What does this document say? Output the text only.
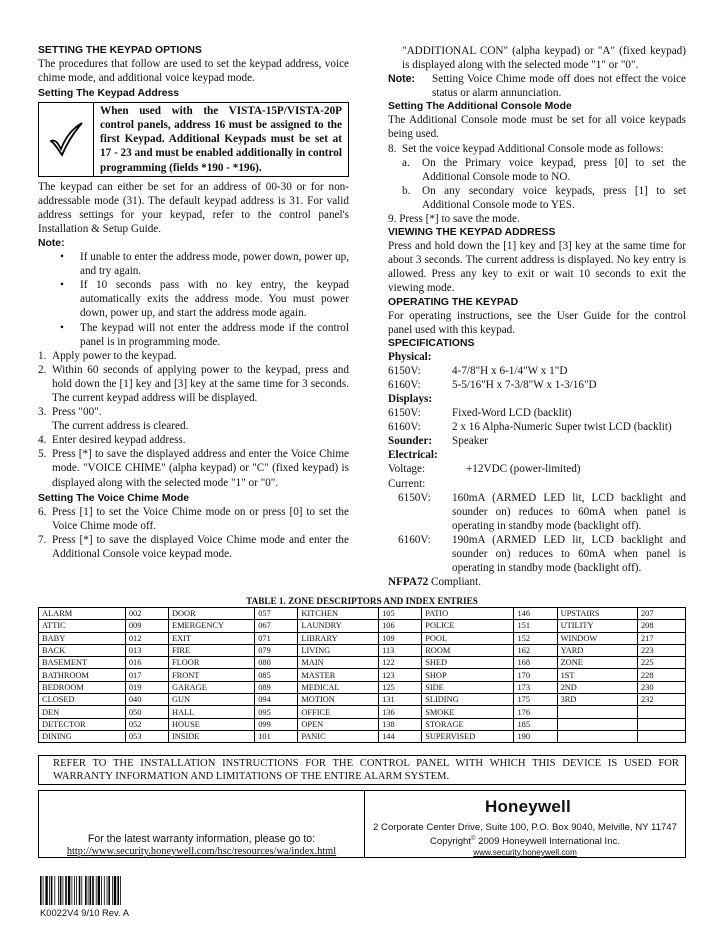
SETTING THE KEYPAD OPTIONS

The procedures that follow are used to set the keypad address, voice chime mode, and additional voice keypad mode.

Setting The Keypad Address
When used with the VISTA-15P/VISTA-20P control panels, address 16 must be assigned to the first Keypad. Additional Keypads must be set at 17 - 23 and must be enabled additionally in control programming (fields *190 - *196).

The keypad can either be set for an address of 00-30 or for non-addressable mode (31). The default keypad address is 31. For valid address settings for your keypad, refer to the control panel's Installation & Setup Guide.

Note:
•	If unable to enter the address mode, power down, power up, and try again.
•	If 10 seconds pass with no key entry, the keypad automatically exits the address mode. You must power down, power up, and start the address mode again.
•	The keypad will not enter the address mode if the control panel is in programming mode.
1. Apply power to the keypad.
2. Within 60 seconds of applying power to the keypad, press and hold down the [1] key and [3] key at the same time for 3 seconds. The current keypad address will be displayed.
3. Press "00".
The current address is cleared.
4. Enter desired keypad address.
5. Press [*] to save the displayed address and enter the Voice Chime mode. "VOICE CHIME" (alpha keypad) or "C" (fixed keypad) is displayed along with the selected mode "1" or "0".
Setting The Voice Chime Mode
6. Press [1] to set the Voice Chime mode on or press [0] to set the Voice Chime mode off.
7. Press [*] to save the displayed Voice Chime mode and enter the Additional Console voice keypad mode.

"ADDITIONAL CON" (alpha keypad) or "A" (fixed keypad) is displayed along with the selected mode "1" or "0".

Note:	Setting Voice Chime mode off does not effect the voice status or alarm annunciation.
Setting The Additional Console Mode

The Additional Console mode must be set for all voice keypads being used.

8. Set the voice keypad Additional Console mode as follows:
a.	On the Primary voice keypad, press [0] to set the Additional Console mode to NO.
b.	On any secondary voice keypads, press [1] to set Additional Console mode to YES.
9. Press [*] to save the mode.
VIEWING THE KEYPAD ADDRESS

Press and hold down the [1] key and [3] key at the same time for about 3 seconds. The current address is displayed. No key entry is allowed. Press any key to exit or wait 10 seconds to exit the viewing mode.

OPERATING THE KEYPAD

For operating instructions, see the User Guide for the control panel used with this keypad.

SPECIFICATIONS
Physical:
6150V:	4-7/8"H x 6-1/4"W x 1"D
6160V:	5-5/16"H x 7-3/8"W x 1-3/16"D
Displays:
6150V:	Fixed-Word LCD (backlit)
6160V:	2 x 16 Alpha-Numeric Super twist LCD (backlit)
Sounder:	Speaker
Electrical:
Voltage:	+12VDC (power-limited)
Current:
6150V:	160mA (ARMED LED lit, LCD backlight and sounder on) reduces to 60mA when panel is operating in standby mode (backlight off).
6160V:	190mA (ARMED LED lit, LCD backlight and sounder on) reduces to 60mA when panel is operating in standby mode (backlight off).
NFPA72 Compliant.
TABLE 1. ZONE DESCRIPTORS AND INDEX ENTRIES
ALARM	002	DOOR	057	KITCHEN	105	PATIO	146	UPSTAIRS	207
ATTIC	009	EMERGENCY	067	LAUNDRY	106	POLICE	151	UTILITY	208
BABY	012	EXIT	071	LIBRARY	109	POOL	152	WINDOW	217
BACK	013	FIRE	079	LIVING	113	ROOM	162	YARD	223
BASEMENT	016	FLOOR	080	MAIN	122	SHED	168	ZONE	225
BATHROOM	017	FRONT	085	MASTER	123	SHOP	170	1ST	228
BEDROOM	019	GARAGE	089	MEDICAL	125	SIDE	173	2ND	230
CLOSED	040	GUN	094	MOTION	131	SLIDING	175	3RD	232
DEN	050	HALL	095	OFFICE	136	SMOKE	176		
DETECTOR	052	HOUSE	099	OPEN	138	STORAGE	185		
DINING	053	INSIDE	101	PANIC	144	SUPERVISED	190		
REFER TO THE INSTALLATION INSTRUCTIONS FOR THE CONTROL PANEL WITH WHICH THIS DEVICE IS USED FOR WARRANTY INFORMATION AND LIMITATIONS OF THE ENTIRE ALARM SYSTEM.
For the latest warranty information, please go to:
http://www.security.honeywell.com/hsc/resources/wa/index.html
Honeywell
2 Corporate Center Drive, Suite 100, P.O. Box 9040, Melville, NY 11747
Copyright© 2009 Honeywell International Inc.
www.security.honeywell.com
K0022V4 9/10 Rev. A
